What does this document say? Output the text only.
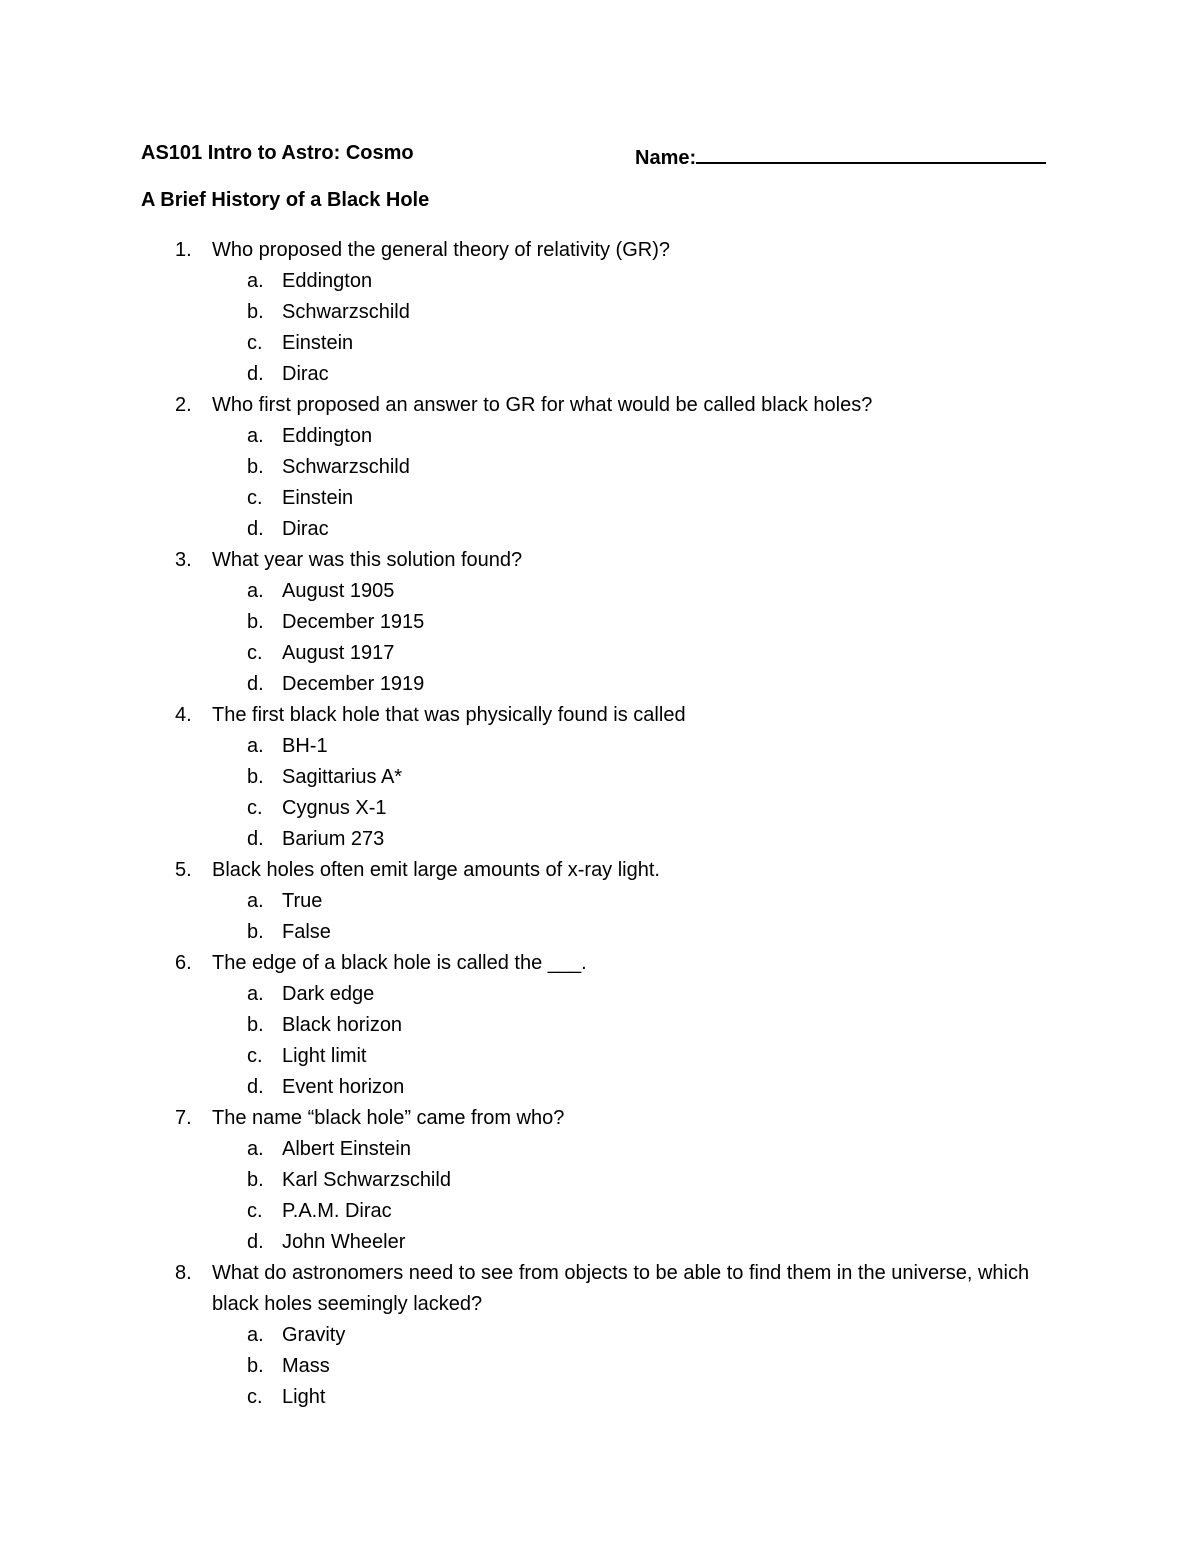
AS101 Intro to Astro: Cosmo	Name:
A Brief History of a Black Hole
1. Who proposed the general theory of relativity (GR)?
a. Eddington
b. Schwarzschild
c. Einstein
d. Dirac
2. Who first proposed an answer to GR for what would be called black holes?
a. Eddington
b. Schwarzschild
c. Einstein
d. Dirac
3. What year was this solution found?
a. August 1905
b. December 1915
c. August 1917
d. December 1919
4. The first black hole that was physically found is called
a. BH-1
b. Sagittarius A*
c. Cygnus X-1
d. Barium 273
5. Black holes often emit large amounts of x-ray light.
a. True
b. False
6. The edge of a black hole is called the ___.
a. Dark edge
b. Black horizon
c. Light limit
d. Event horizon
7. The name “black hole” came from who?
a. Albert Einstein
b. Karl Schwarzschild
c. P.A.M. Dirac
d. John Wheeler
8. What do astronomers need to see from objects to be able to find them in the universe, which black holes seemingly lacked?
a. Gravity
b. Mass
c. Light
